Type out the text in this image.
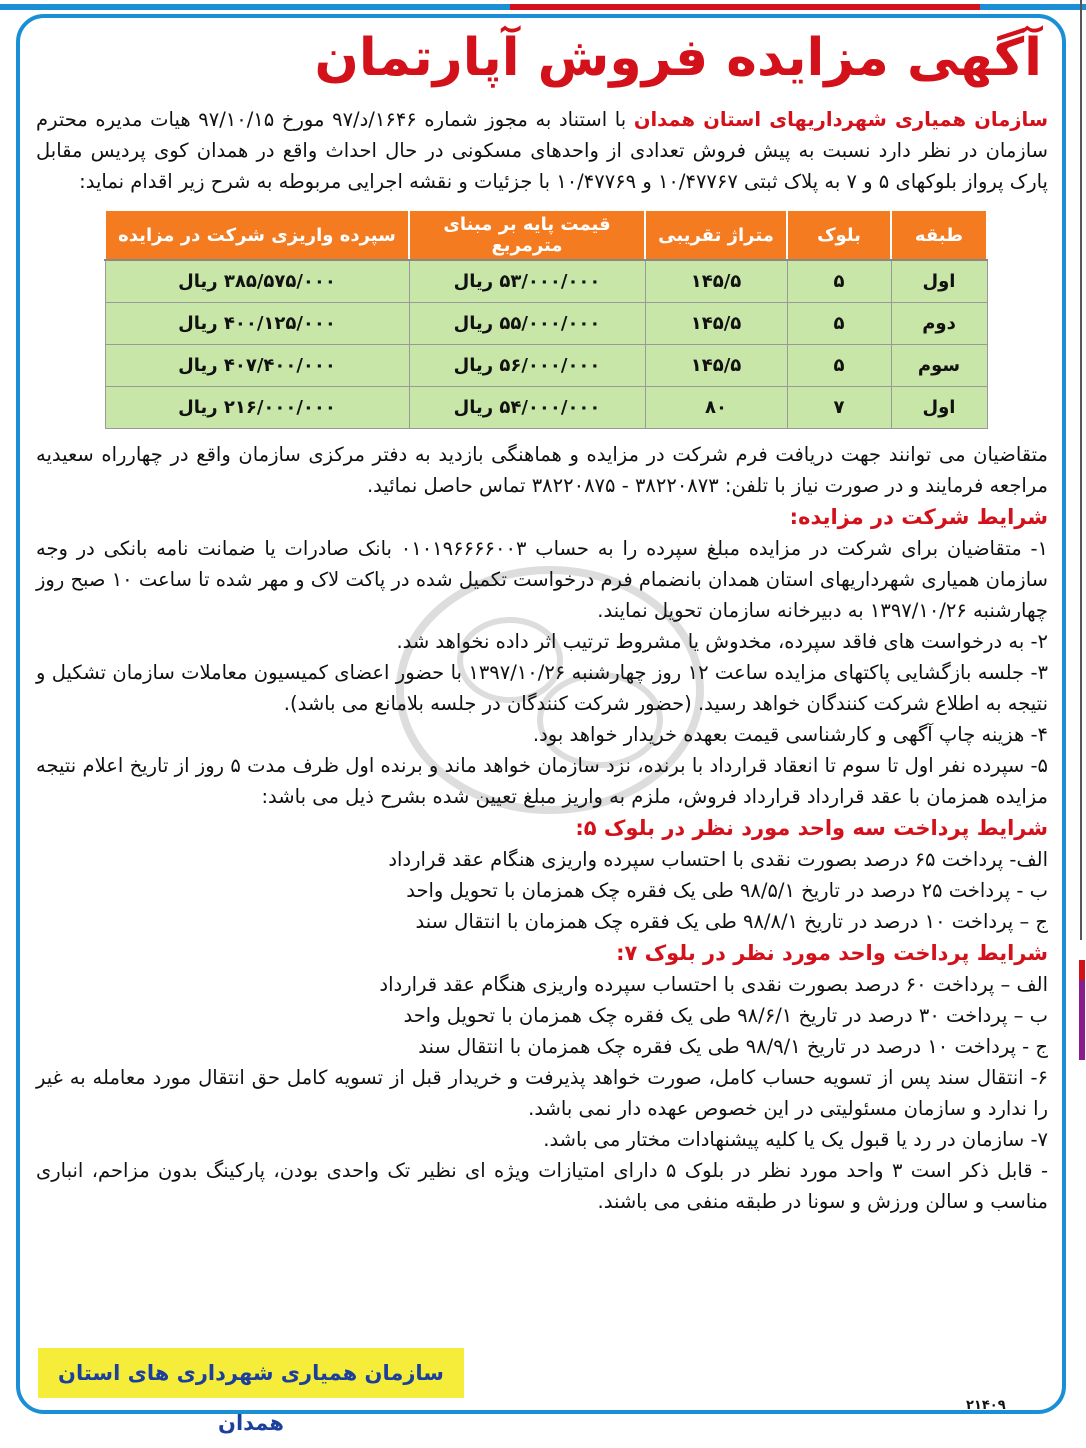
آگهی مزایده فروش آپارتمان

سازمان همیاری شهرداریهای استان همدان با استناد به مجوز شماره ۱۶۴۶/د/۹۷ مورخ ۹۷/۱۰/۱۵ هیات مدیره محترم سازمان در نظر دارد نسبت به پیش فروش تعدادی از واحدهای مسکونی در حال احداث واقع در همدان کوی پردیس مقابل پارک پرواز بلوکهای ۵ و ۷ به پلاک ثبتی ۱۰/۴۷۷۶۷ و ۱۰/۴۷۷۶۹ با جزئیات و نقشه اجرایی مربوطه به شرح زیر اقدام نماید:

طبقه	بلوک	متراژ تقریبی	قیمت پایه بر مبنای مترمربع	سپرده واریزی شرکت در مزایده
اول	۵	۱۴۵/۵	۵۳/۰۰۰/۰۰۰ ریال	۳۸۵/۵۷۵/۰۰۰ ریال
دوم	۵	۱۴۵/۵	۵۵/۰۰۰/۰۰۰ ریال	۴۰۰/۱۲۵/۰۰۰ ریال
سوم	۵	۱۴۵/۵	۵۶/۰۰۰/۰۰۰ ریال	۴۰۷/۴۰۰/۰۰۰ ریال
اول	۷	۸۰	۵۴/۰۰۰/۰۰۰ ریال	۲۱۶/۰۰۰/۰۰۰ ریال

متقاضیان می توانند جهت دریافت فرم شرکت در مزایده و هماهنگی بازدید به دفتر مرکزی سازمان واقع در چهارراه سعیدیه مراجعه فرمایند و در صورت نیاز با تلفن: ۳۸۲۲۰۸۷۳ - ۳۸۲۲۰۸۷۵ تماس حاصل نمائید.

شرایط شرکت در مزایده:

۱- متقاضیان برای شرکت در مزایده مبلغ سپرده را به حساب ۰۱۰۱۹۶۶۶۶۰۰۳ بانک صادرات یا ضمانت نامه بانکی در وجه سازمان همیاری شهرداریهای استان همدان بانضمام فرم درخواست تکمیل شده در پاکت لاک و مهر شده تا ساعت ۱۰ صبح روز چهارشنبه ۱۳۹۷/۱۰/۲۶ به دبیرخانه سازمان تحویل نمایند.

۲- به درخواست های فاقد سپرده، مخدوش یا مشروط ترتیب اثر داده نخواهد شد.

۳- جلسه بازگشایی پاکتهای مزایده ساعت ۱۲ روز چهارشنبه ۱۳۹۷/۱۰/۲۶ با حضور اعضای کمیسیون معاملات سازمان تشکیل و نتیجه به اطلاع شرکت کنندگان خواهد رسید. (حضور شرکت کنندگان در جلسه بلامانع می باشد).

۴- هزینه چاپ آگهی و کارشناسی قیمت بعهده خریدار خواهد بود.

۵- سپرده نفر اول تا سوم تا انعقاد قرارداد با برنده، نزد سازمان خواهد ماند و برنده اول ظرف مدت ۵ روز از تاریخ اعلام نتیجه مزایده همزمان با عقد قرارداد قرارداد فروش، ملزم به واریز مبلغ تعیین شده بشرح ذیل می باشد:

شرایط پرداخت سه واحد مورد نظر در بلوک ۵:

الف- پرداخت ۶۵ درصد بصورت نقدی با احتساب سپرده واریزی هنگام عقد قرارداد

ب - پرداخت ۲۵ درصد در تاریخ ۹۸/۵/۱ طی یک فقره چک همزمان با تحویل واحد

ج – پرداخت ۱۰ درصد در تاریخ ۹۸/۸/۱ طی یک فقره چک همزمان با انتقال سند

شرایط پرداخت واحد مورد نظر در بلوک ۷:

الف – پرداخت ۶۰ درصد بصورت نقدی با احتساب سپرده واریزی هنگام عقد قرارداد

ب – پرداخت ۳۰ درصد در تاریخ ۹۸/۶/۱ طی یک فقره چک همزمان با تحویل واحد

ج - پرداخت ۱۰ درصد در تاریخ ۹۸/۹/۱ طی یک فقره چک همزمان با انتقال سند

۶- انتقال سند پس از تسویه حساب کامل، صورت خواهد پذیرفت و خریدار قبل از تسویه کامل حق انتقال مورد معامله به غیر را ندارد و سازمان مسئولیتی در این خصوص عهده دار نمی باشد.

۷- سازمان در رد یا قبول یک یا کلیه پیشنهادات مختار می باشد.

- قابل ذکر است ۳ واحد مورد نظر در بلوک ۵ دارای امتیازات ویژه ای نظیر تک واحدی بودن، پارکینگ بدون مزاحم، انباری مناسب و سالن ورزش و سونا در طبقه منفی می باشند.

سازمان همیاری شهرداری های استان همدان
۲۱۴۰۹
